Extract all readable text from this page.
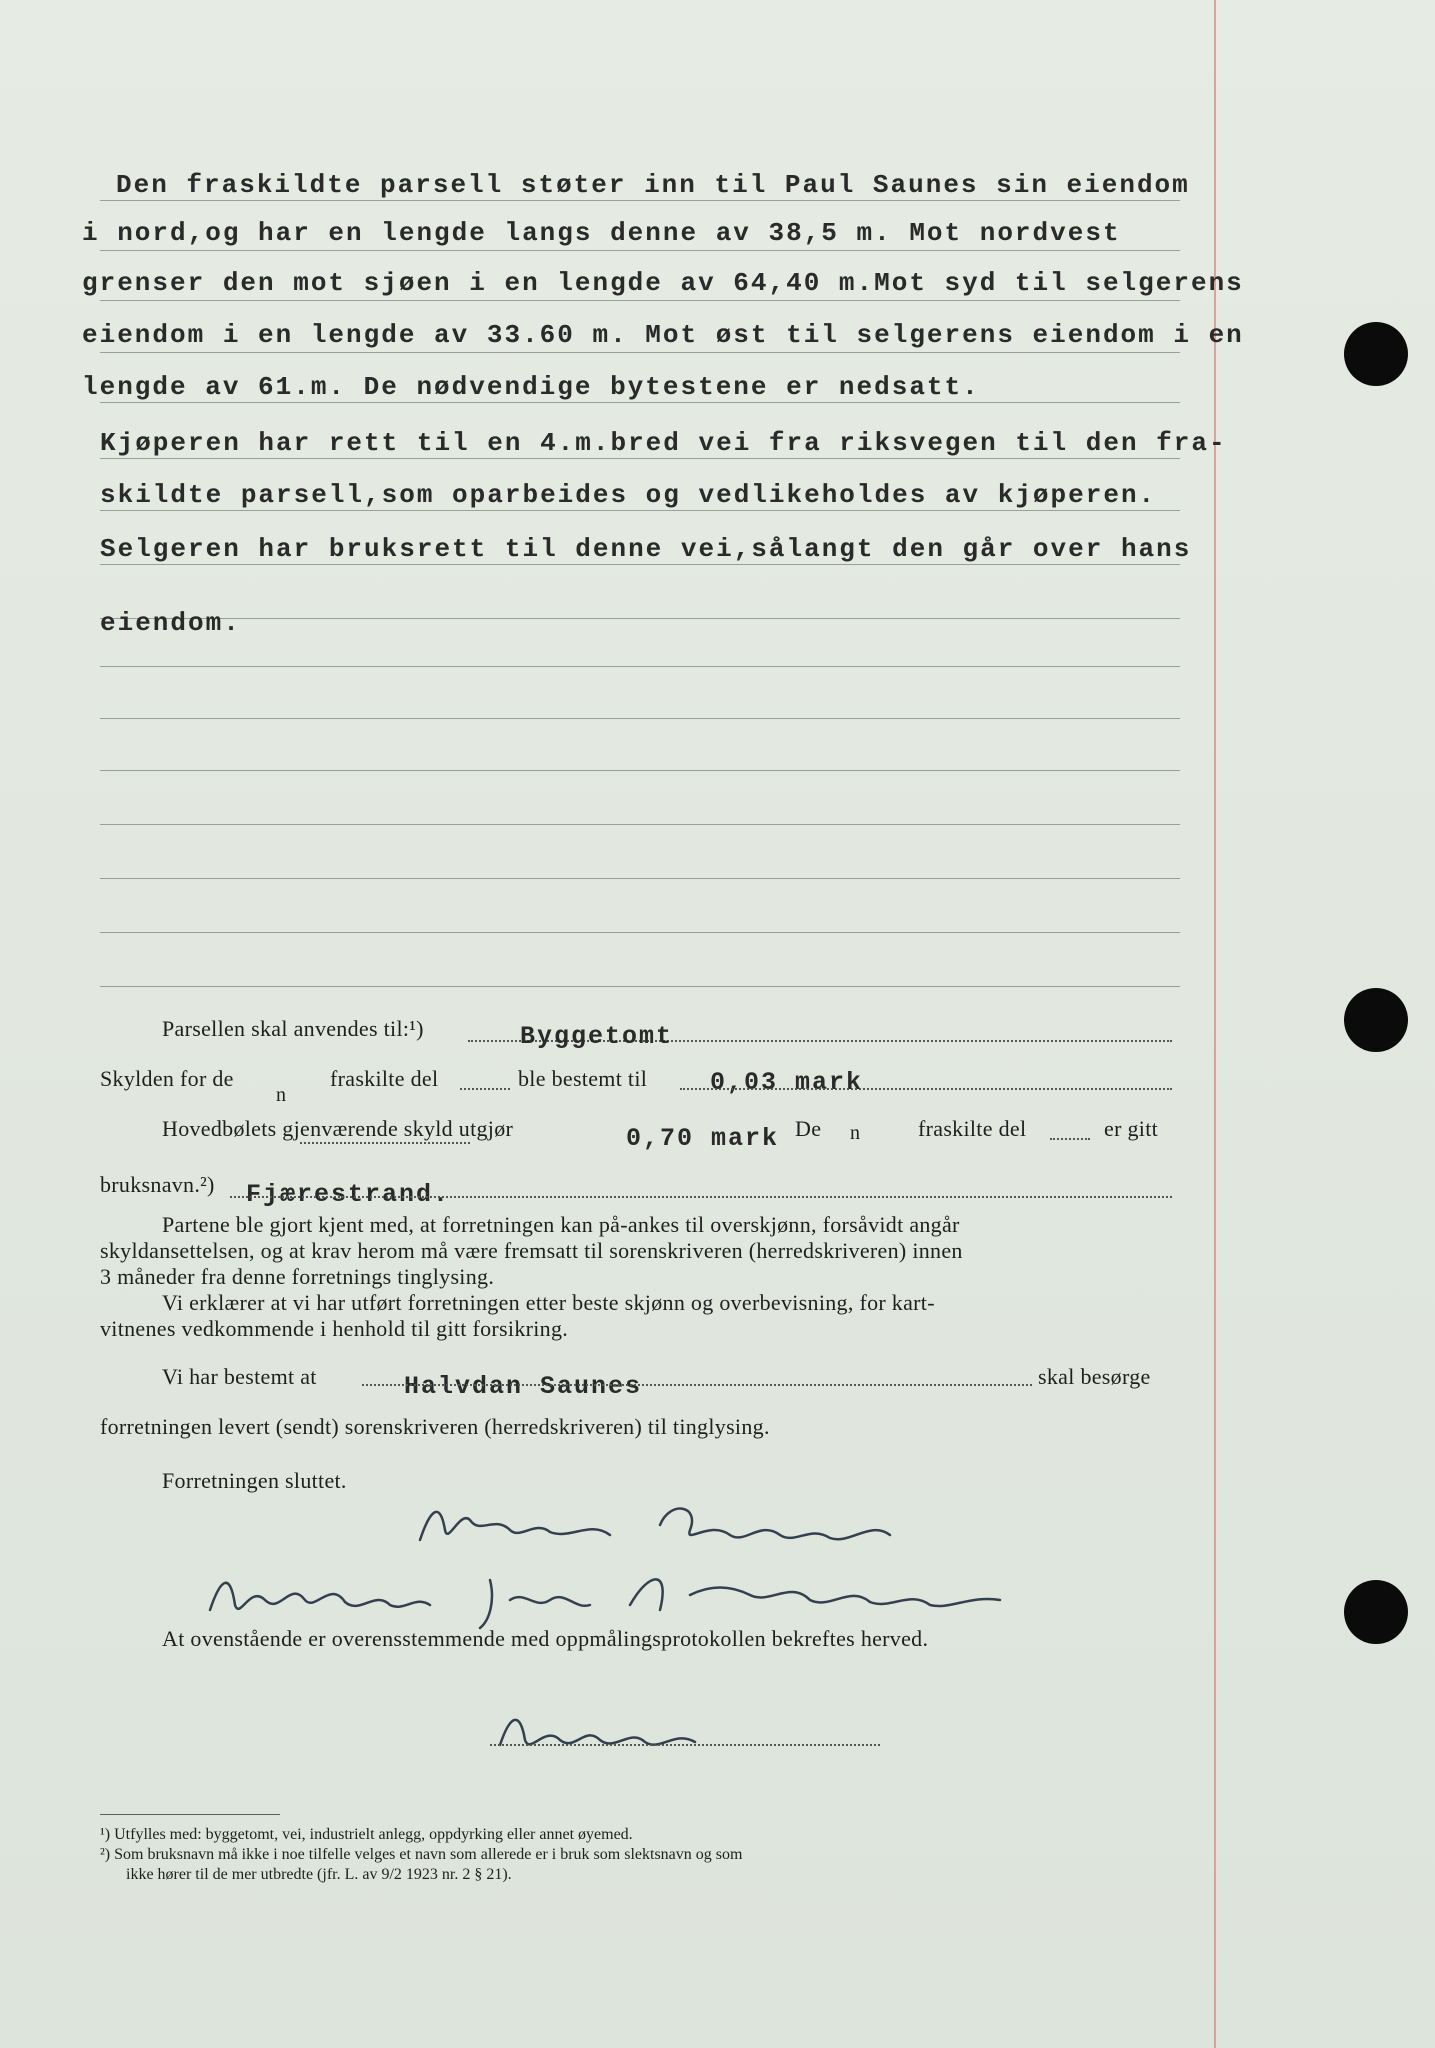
Den fraskildte parsell støter inn til Paul Saunes sin eiendom
i nord,og har en lengde langs denne av 38,5 m. Mot nordvest
grenser den mot sjøen i en lengde av 64,40 m.Mot syd til selgerens
eiendom i en lengde av 33.60 m. Mot øst til selgerens eiendom i en
lengde av 61.m. De nødvendige bytestene er nedsatt.
Kjøperen har rett til en 4.m.bred vei fra riksvegen til den fra-
skildte parsell,som oparbeides og vedlikeholdes av kjøperen.
Selgeren har bruksrett til denne vei,sålangt den går over hans
eiendom.
Parsellen skal anvendes til:¹)	Byggetomt
Skylden for de
n
fraskilte del	ble bestemt til	0,03 mark
Hovedbølets gjenværende skyld utgjør	0,70 mark De n	fraskilte del	er gitt
bruksnavn.²) Fjærestrand.
Partene ble gjort kjent med, at forretningen kan på-ankes til overskjønn, forsåvidt angår
skyldansettelsen, og at krav herom må være fremsatt til sorenskriveren (herredskriveren) innen
3 måneder fra denne forretnings tinglysing.
Vi erklærer at vi har utført forretningen etter beste skjønn og overbevisning, for kart-
vitnenes vedkommende i henhold til gitt forsikring.
Vi har bestemt at	Halvdan Saunes	skal besørge
forretningen levert (sendt) sorenskriveren (herredskriveren) til tinglysing.
Forretningen sluttet.
At ovenstående er overensstemmende med oppmålingsprotokollen bekreftes herved.
¹) Utfylles med: byggetomt, vei, industrielt anlegg, oppdyrking eller annet øyemed.
²) Som bruksnavn må ikke i noe tilfelle velges et navn som allerede er i bruk som slektsnavn og som
ikke hører til de mer utbredte (jfr. L. av 9/2 1923 nr. 2 § 21).
